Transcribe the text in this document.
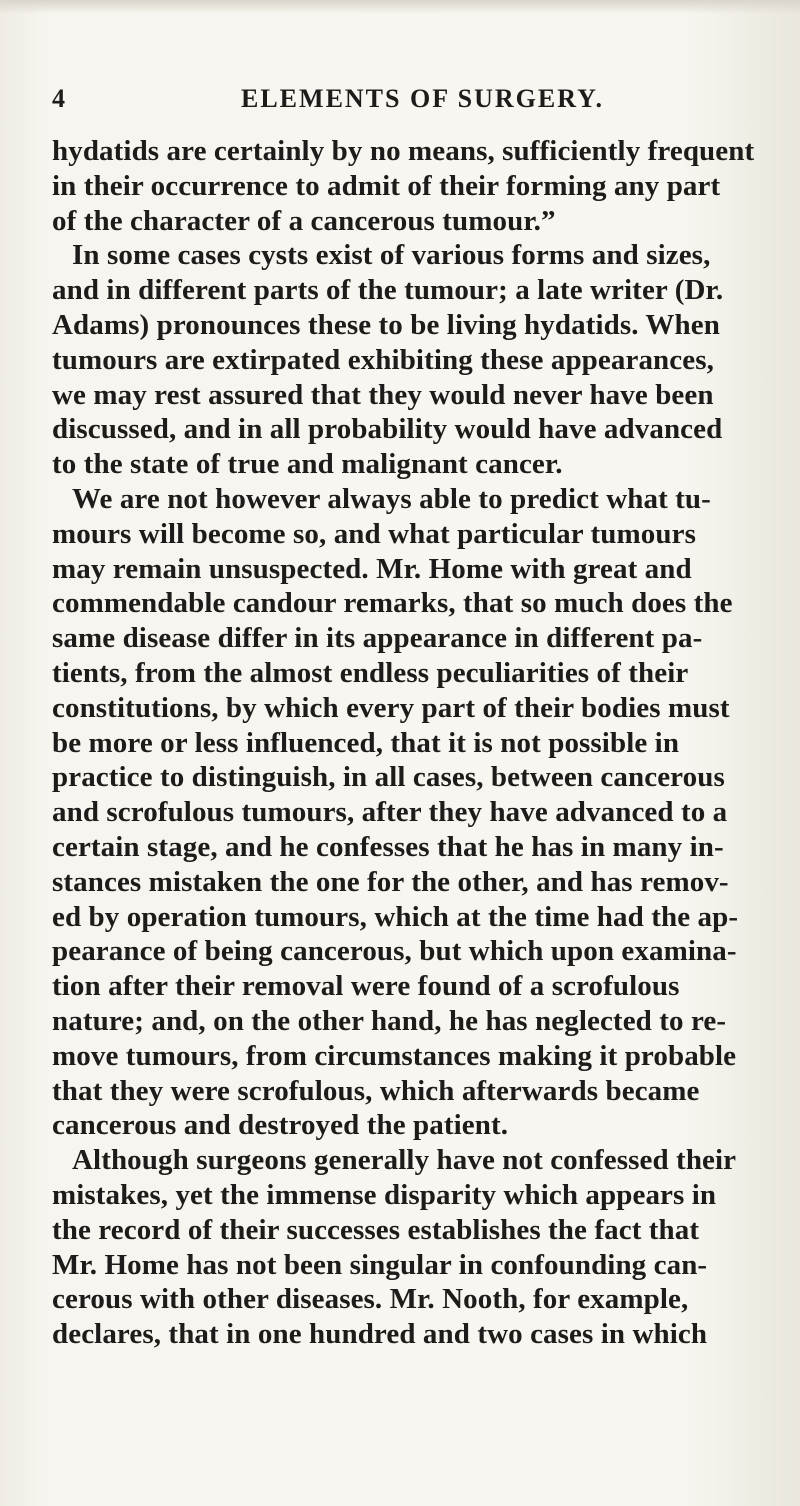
4	ELEMENTS OF SURGERY.
hydatids are certainly by no means, sufficiently frequent
in their occurrence to admit of their forming any part
of the character of a cancerous tumour.”
In some cases cysts exist of various forms and sizes,
and in different parts of the tumour; a late writer (Dr.
Adams) pronounces these to be living hydatids. When
tumours are extirpated exhibiting these appearances,
we may rest assured that they would never have been
discussed, and in all probability would have advanced
to the state of true and malignant cancer.
We are not however always able to predict what tu-
mours will become so, and what particular tumours
may remain unsuspected. Mr. Home with great and
commendable candour remarks, that so much does the
same disease differ in its appearance in different pa-
tients, from the almost endless peculiarities of their
constitutions, by which every part of their bodies must
be more or less influenced, that it is not possible in
practice to distinguish, in all cases, between cancerous
and scrofulous tumours, after they have advanced to a
certain stage, and he confesses that he has in many in-
stances mistaken the one for the other, and has remov-
ed by operation tumours, which at the time had the ap-
pearance of being cancerous, but which upon examina-
tion after their removal were found of a scrofulous
nature; and, on the other hand, he has neglected to re-
move tumours, from circumstances making it probable
that they were scrofulous, which afterwards became
cancerous and destroyed the patient.
Although surgeons generally have not confessed their
mistakes, yet the immense disparity which appears in
the record of their successes establishes the fact that
Mr. Home has not been singular in confounding can-
cerous with other diseases. Mr. Nooth, for example,
declares, that in one hundred and two cases in which
